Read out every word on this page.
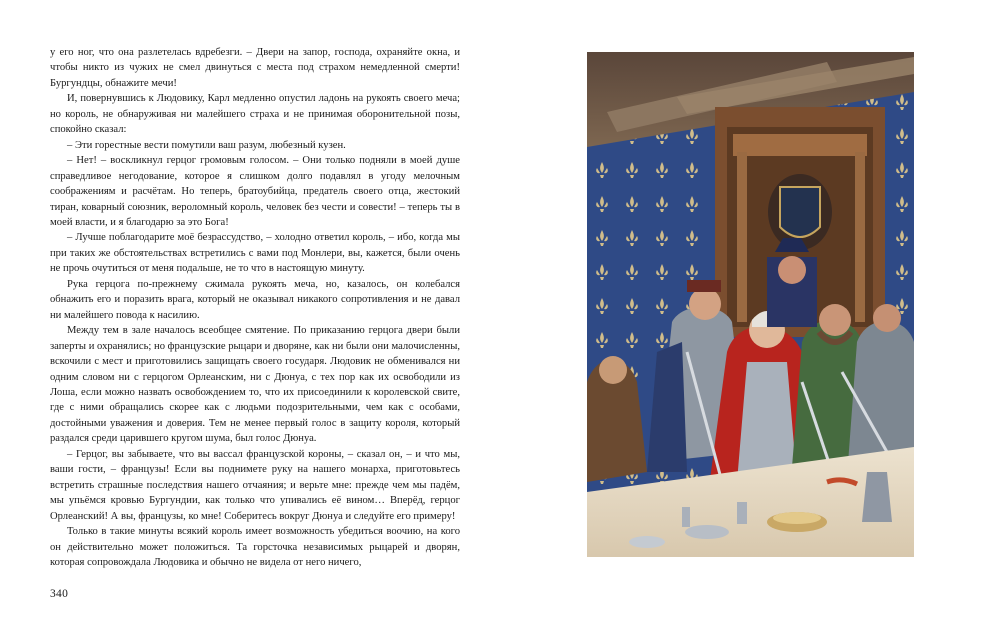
у его ног, что она разлетелась вдребезги. – Двери на запор, господа, охраняйте окна, и чтобы никто из чужих не смел двинуться с места под страхом немедленной смерти! Бургундцы, обнажите мечи!

И, повернувшись к Людовику, Карл медленно опустил ладонь на рукоять своего меча; но король, не обнаруживая ни малейшего страха и не принимая оборонительной позы, спокойно сказал:

– Эти горестные вести помутили ваш разум, любезный кузен.

– Нет! – воскликнул герцог громовым голосом. – Они только подняли в моей душе справедливое негодование, которое я слишком долго подавлял в угоду мелочным соображениям и расчётам. Но теперь, братоубийца, предатель своего отца, жестокий тиран, коварный союзник, вероломный король, человек без чести и совести! – теперь ты в моей власти, и я благодарю за это Бога!

– Лучше поблагодарите моё безрассудство, – холодно ответил король, – ибо, когда мы при таких же обстоятельствах встретились с вами под Монлери, вы, кажется, были очень не прочь очутиться от меня подальше, не то что в настоящую минуту.

Рука герцога по-прежнему сжимала рукоять меча, но, казалось, он колебался обнажить его и поразить врага, который не оказывал никакого сопротивления и не давал ни малейшего повода к насилию.

Между тем в зале началось всеобщее смятение. По приказанию герцога двери были заперты и охранялись; но французские рыцари и дворяне, как ни были они малочисленны, вскочили с мест и приготовились защищать своего государя. Людовик не обменивался ни одним словом ни с герцогом Орлеанским, ни с Дюнуа, с тех пор как их освободили из Лоша, если можно назвать освобождением то, что их присоединили к королевской свите, где с ними обращались скорее как с людьми подозрительными, чем как с особами, достойными уважения и доверия. Тем не менее первый голос в защиту короля, который раздался среди царившего кругом шума, был голос Дюнуа.

– Герцог, вы забываете, что вы вассал французской короны, – сказал он, – и что мы, ваши гости, – французы! Если вы поднимете руку на нашего монарха, приготовьтесь встретить страшные последствия нашего отчаяния; и верьте мне: прежде чем мы падём, мы упьёмся кровью Бургундии, как только что упивались её вином… Вперёд, герцог Орлеанский! А вы, французы, ко мне! Соберитесь вокруг Дюнуа и следуйте его примеру!

Только в такие минуты всякий король имеет возможность убедиться воочию, на кого он действительно может положиться. Та горсточка независимых рыцарей и дворян, которая сопровождала Людовика и обычно не видела от него ничего,

340
